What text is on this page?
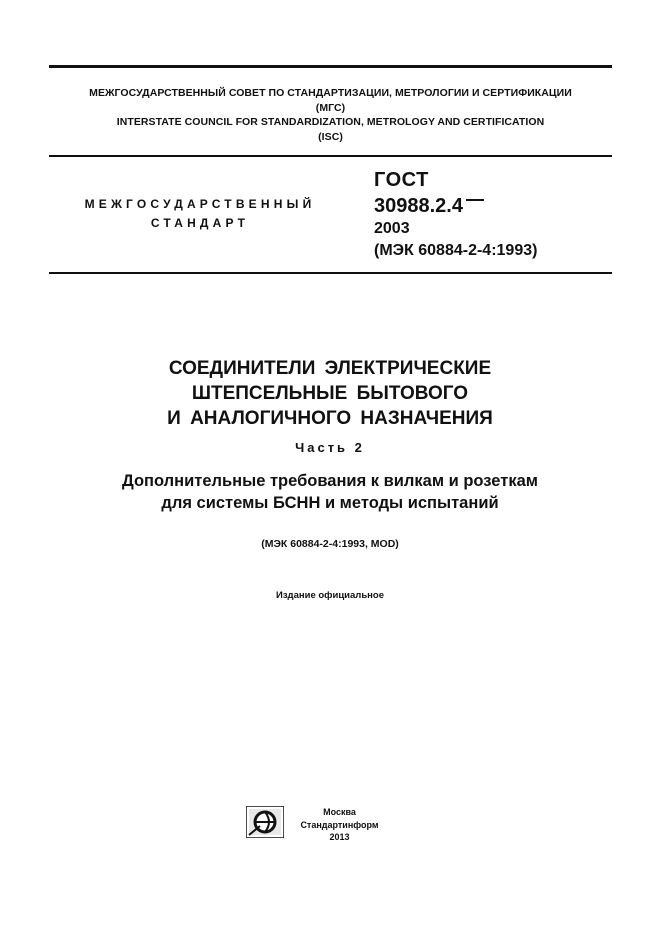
МЕЖГОСУДАРСТВЕННЫЙ СОВЕТ ПО СТАНДАРТИЗАЦИИ, МЕТРОЛОГИИ И СЕРТИФИКАЦИИ
(МГС)
INTERSTATE COUNCIL FOR STANDARDIZATION, METROLOGY AND CERTIFICATION
(ISC)
МЕЖГОСУДАРСТВЕННЫЙ
СТАНДАРТ
ГОСТ
30988.2.4
2003
(МЭК 60884-2-4:1993)
СОЕДИНИТЕЛИ ЭЛЕКТРИЧЕСКИЕ
ШТЕПСЕЛЬНЫЕ БЫТОВОГО
И АНАЛОГИЧНОГО НАЗНАЧЕНИЯ
Часть 2
Дополнительные требования к вилкам и розеткам
для системы БСНН и методы испытаний
(МЭК 60884-2-4:1993, MOD)
Издание официальное
Москва
Стандартинформ
2013
